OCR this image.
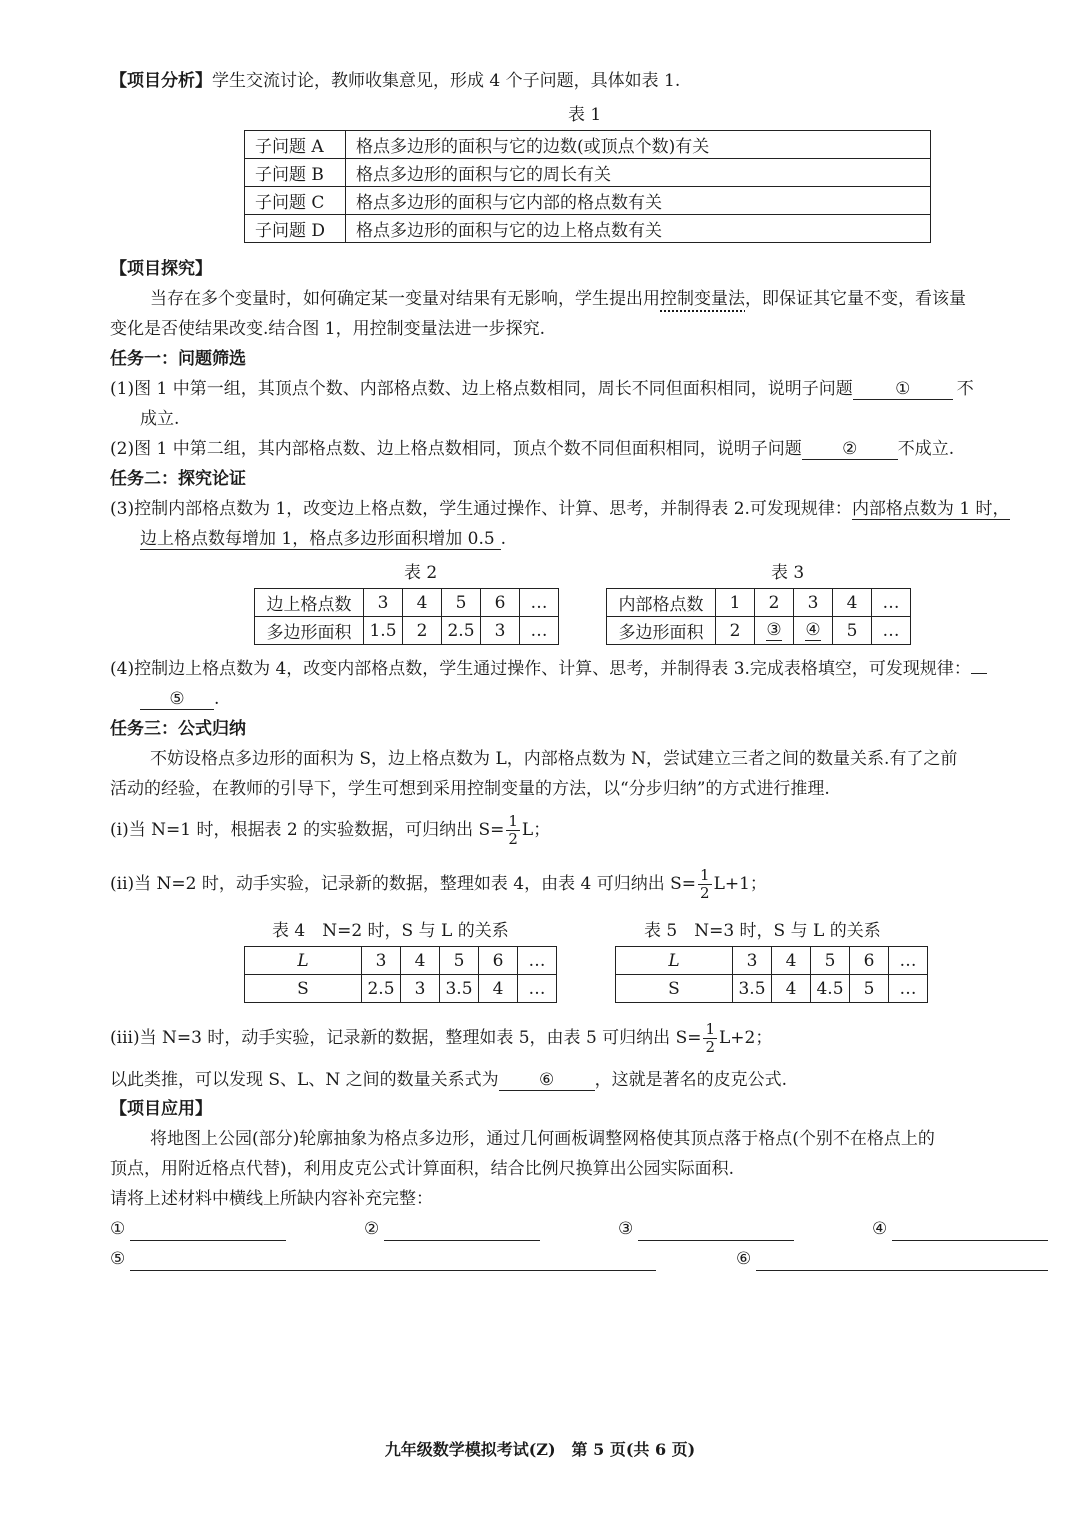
【项目分析】学生交流讨论，教师收集意见，形成 4 个子问题，具体如表 1.
表 1
子问题 A	格点多边形的面积与它的边数(或顶点个数)有关
子问题 B	格点多边形的面积与它的周长有关
子问题 C	格点多边形的面积与它内部的格点数有关
子问题 D	格点多边形的面积与它的边上格点数有关
【项目探究】
当存在多个变量时，如何确定某一变量对结果有无影响，学生提出用控制变量法，即保证其它量不变，看该量
变化是否使结果改变.结合图 1，用控制变量法进一步探究.
任务一：问题筛选
(1)图 1 中第一组，其顶点个数、内部格点数、边上格点数相同，周长不同但面积相同，说明子问题 ①	不
成立.
(2)图 1 中第二组，其内部格点数、边上格点数相同，顶点个数不同但面积相同，说明子问题 ② 不成立.
任务二：探究论证
(3)控制内部格点数为 1，改变边上格点数，学生通过操作、计算、思考，并制得表 2.可发现规律：内部格点数为 1 时，
边上格点数每增加 1，格点多边形面积增加 0.5 .
表 2	表 3
边上格点数	3	4	5	6	…
多边形面积	1.5	2	2.5	3	…
内部格点数	1	2	3	4	…
多边形面积	2	③	④	5	…
(4)控制边上格点数为 4，改变内部格点数，学生通过操作、计算、思考，并制得表 3.完成表格填空，可发现规律：
⑤ .
任务三：公式归纳
不妨设格点多边形的面积为 S，边上格点数为 L，内部格点数为 N，尝试建立三者之间的数量关系.有了之前
活动的经验，在教师的引导下，学生可想到采用控制变量的方法，以“分步归纳”的方式进行推理.
(i)当 N=1 时，根据表 2 的实验数据，可归纳出 $S= \frac{1}{2}$ L；
(ii)当 N=2 时，动手实验，记录新的数据，整理如表 4，由表 4 可归纳出 $S= \frac{1}{2} L+1$；
表 4　N=2 时，S 与 L 的关系	表 5　N=3 时，S 与 L 的关系
L	3	4	5	6	…
S	2.5	3	3.5	4	…
L	3	4	5	6	…
S	3.5	4	4.5	5	…
(iii)当 N=3 时，动手实验，记录新的数据，整理如表 5，由表 5 可归纳出 $S= \frac{1}{2} L+2$；
以此类推，可以发现 S、L、N 之间的数量关系式为 ⑥ ，这就是著名的皮克公式.
【项目应用】
将地图上公园(部分)轮廓抽象为格点多边形，通过几何画板调整网格使其顶点落于格点(个别不在格点上的
顶点，用附近格点代替)，利用皮克公式计算面积，结合比例尺换算出公园实际面积.
请将上述材料中横线上所缺内容补充完整：
①	②	③	④
⑤	⑥
九年级数学模拟考试(Z)　第 5 页(共 6 页)
